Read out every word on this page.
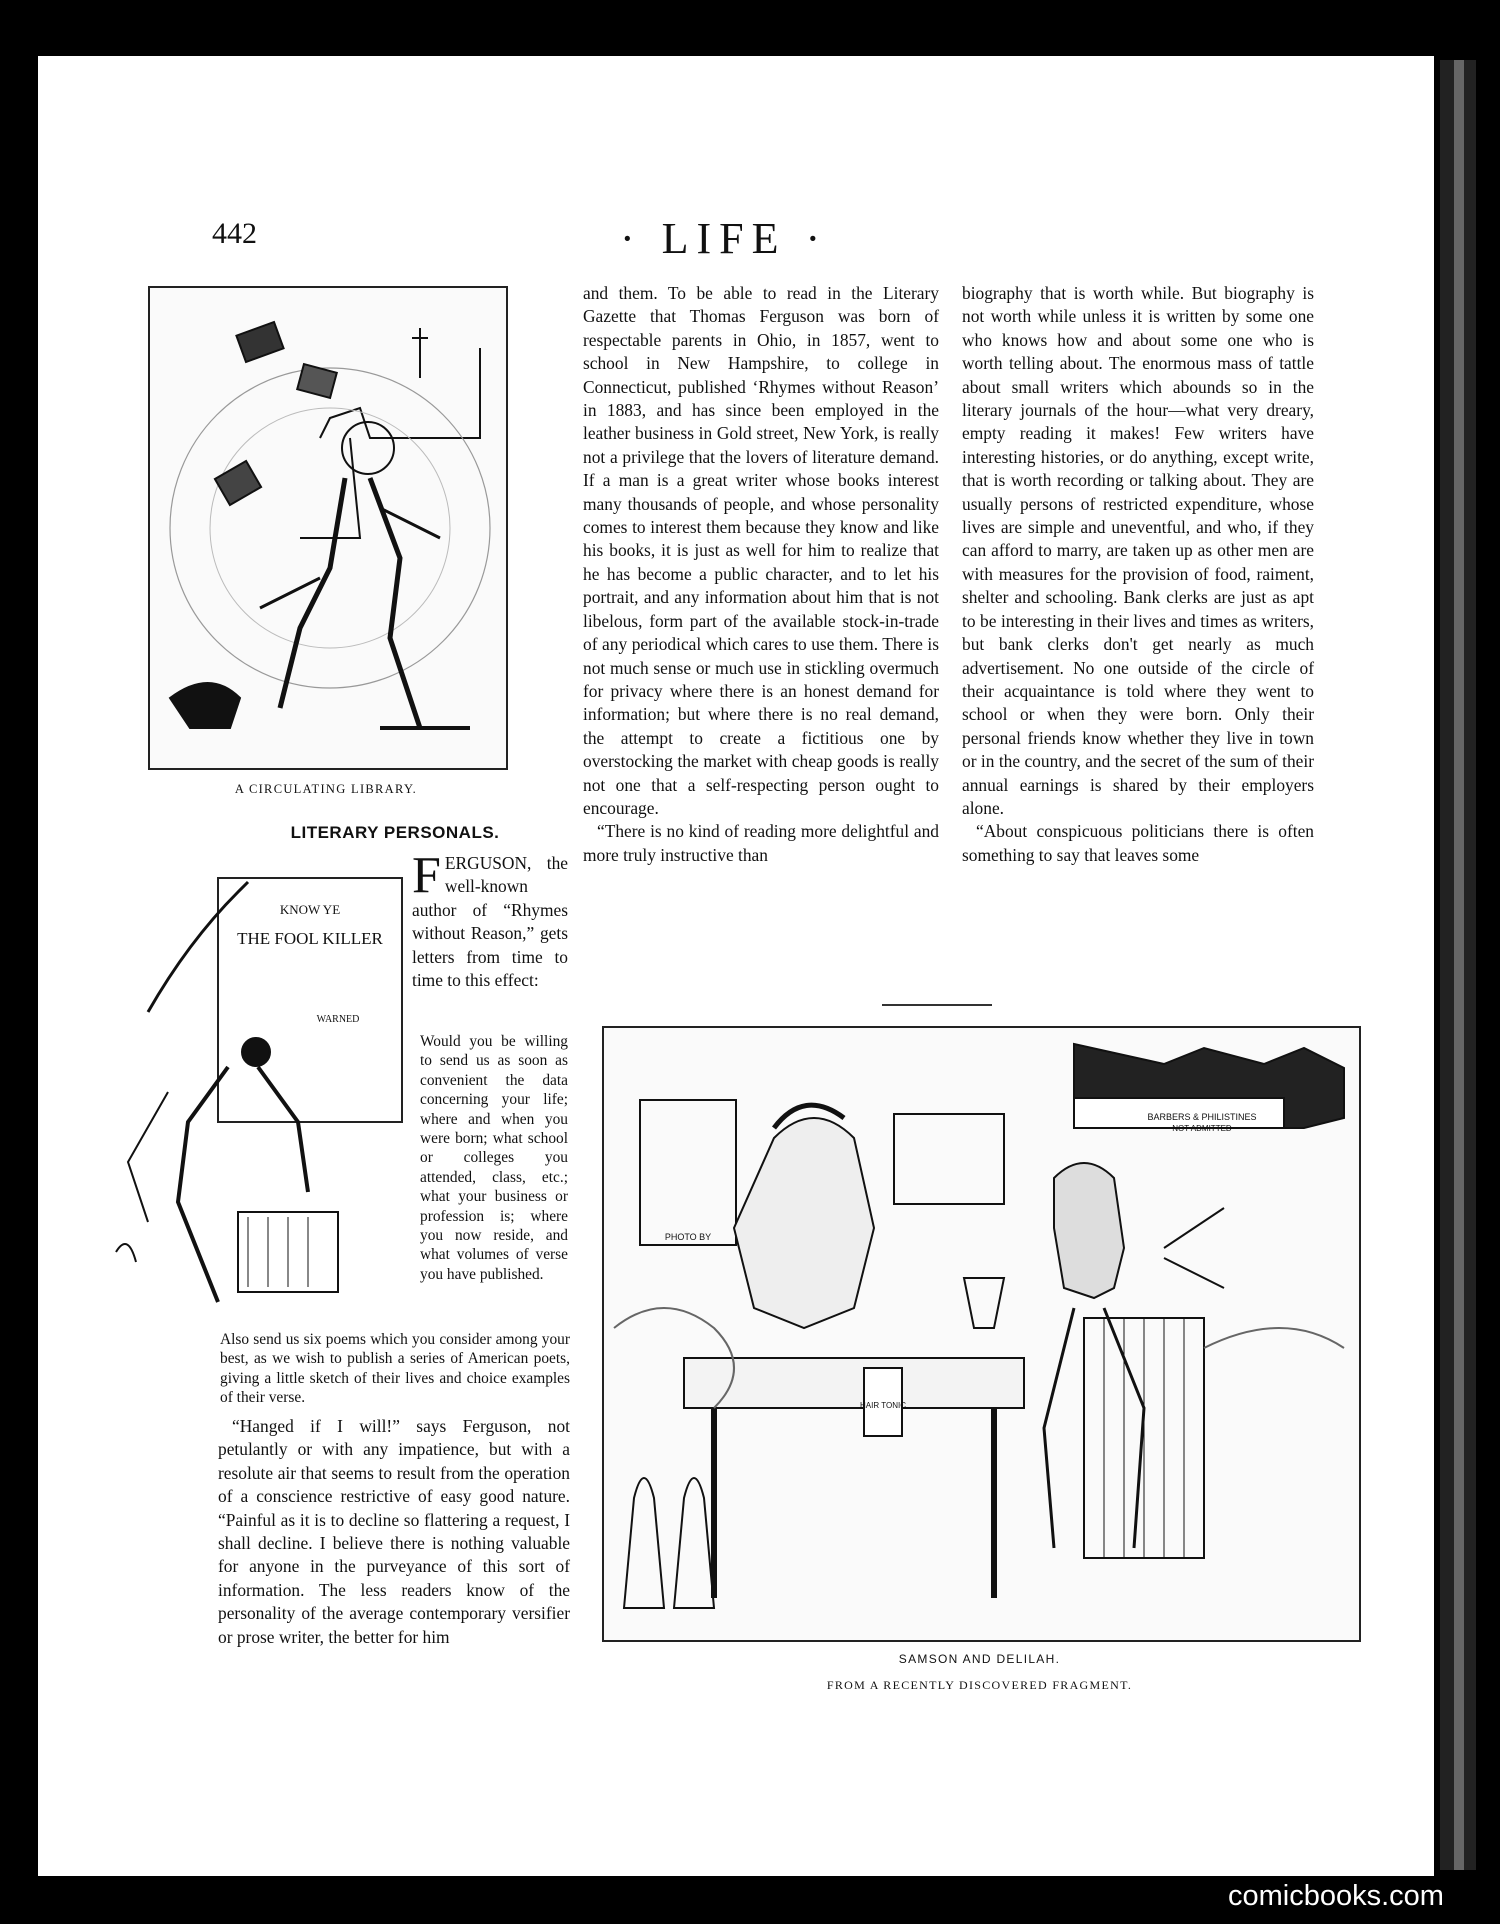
442	· LIFE ·
A CIRCULATING LIBRARY.
LITERARY PERSONALS.
KNOW YE
THE FOOL KILLER
WARNED

FERGUSON, the well-known author of “Rhymes without Reason,” gets letters from time to time to this effect:

Would you be willing to send us as soon as convenient the data concerning your life; where and when you were born; what school or colleges you attended, class, etc.; what your business or profession is; where you now reside, and what volumes of verse you have published.

Also send us six poems which you consider among your best, as we wish to publish a series of American poets, giving a little sketch of their lives and choice examples of their verse.

“Hanged if I will!” says Ferguson, not petulantly or with any impatience, but with a resolute air that seems to result from the operation of a conscience restrictive of easy good nature. “Painful as it is to decline so flattering a request, I shall decline. I believe there is nothing valuable for anyone in the purveyance of this sort of information. The less readers know of the personality of the average contemporary versifier or prose writer, the better for him

and them. To be able to read in the Literary Gazette that Thomas Ferguson was born of respectable parents in Ohio, in 1857, went to school in New Hampshire, to college in Connecticut, published ‘Rhymes without Reason’ in 1883, and has since been employed in the leather business in Gold street, New York, is really not a privilege that the lovers of literature demand. If a man is a great writer whose books interest many thousands of people, and whose personality comes to interest them because they know and like his books, it is just as well for him to realize that he has become a public character, and to let his portrait, and any information about him that is not libelous, form part of the available stock-in-trade of any periodical which cares to use them. There is not much sense or much use in stickling overmuch for privacy where there is an honest demand for information; but where there is no real demand, the attempt to create a fictitious one by overstocking the market with cheap goods is really not one that a self-respecting person ought to encourage.

“There is no kind of reading more delightful and more truly instructive than

biography that is worth while. But biography is not worth while unless it is written by some one who knows how and about some one who is worth telling about. The enormous mass of tattle about small writers which abounds so in the literary journals of the hour—what very dreary, empty reading it makes! Few writers have interesting histories, or do anything, except write, that is worth recording or talking about. They are usually persons of restricted expenditure, whose lives are simple and uneventful, and who, if they can afford to marry, are taken up as other men are with measures for the provision of food, raiment, shelter and schooling. Bank clerks are just as apt to be interesting in their lives and times as writers, but bank clerks don't get nearly as much advertisement. No one outside of the circle of their acquaintance is told where they went to school or when they were born. Only their personal friends know whether they live in town or in the country, and the secret of the sum of their annual earnings is shared by their employers alone.

“About conspicuous politicians there is often something to say that leaves some

BARBERS & PHILISTINES
NOT ADMITTED
PHOTO BY
HAIR TONIC
SAMSON AND DELILAH.
FROM A RECENTLY DISCOVERED FRAGMENT.
comicbooks.com
